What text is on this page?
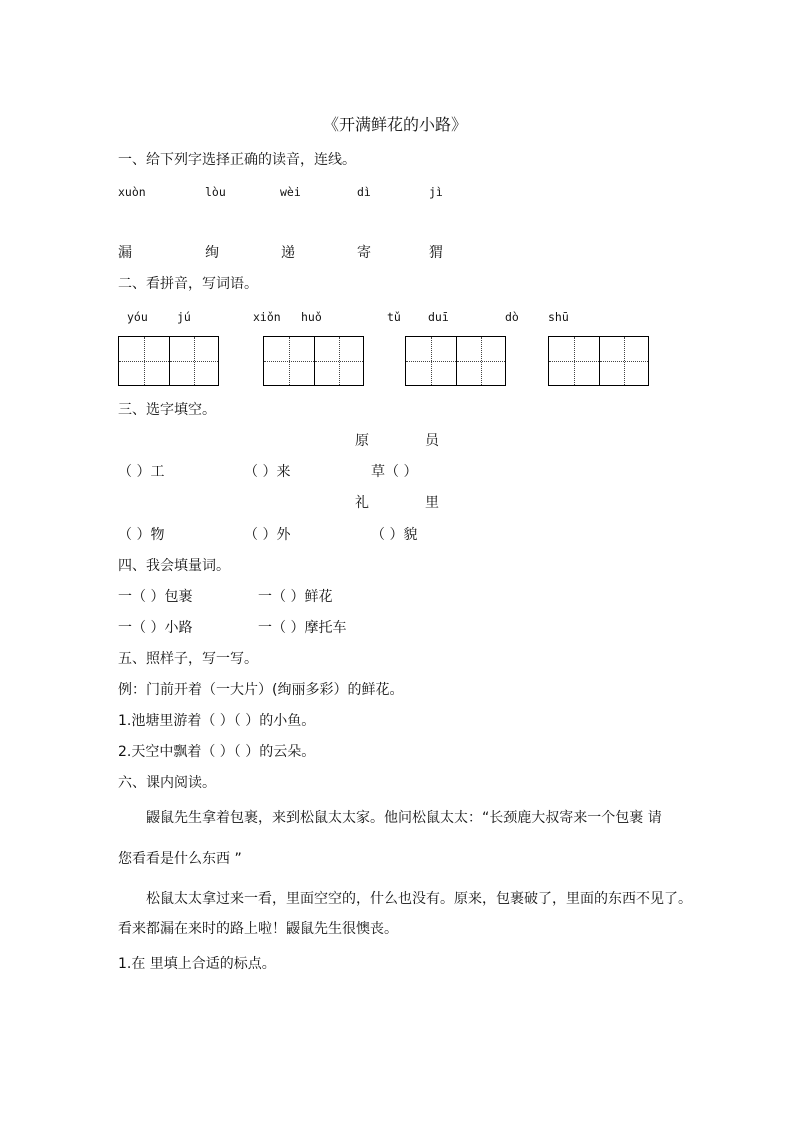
《开满鲜花的小路》
一、给下列字选择正确的读音，连线。
xuòn	lòu	wèi	dì	jì
漏	绚	递	寄	猬
二、看拼音，写词语。
yóu	jú	xiǒn huǒ	tǔ duī	dò	shū
三、选字填空。
原	员
（ ）工	（ ）来	草（ ）
礼	里
（ ）物	（ ）外	（ ）貌
四、我会填量词。
一（ ）包裹	一（ ）鲜花
一（ ）小路	一（ ）摩托车
五、照样子，写一写。
例：门前开着（一大片）(绚丽多彩）的鲜花。
1.池塘里游着（ ）（ ）的小鱼。
2.天空中飘着（ ）（ ）的云朵。
六、课内阅读。
鼹鼠先生拿着包裹，来到松鼠太太家。他问松鼠太太：“长颈鹿大叔寄来一个包裹 请
您看看是什么东西 ”
松鼠太太拿过来一看，里面空空的，什么也没有。原来，包裹破了，里面的东西不见了。
看来都漏在来时的路上啦！鼹鼠先生很懊丧。
1.在 里填上合适的标点。
